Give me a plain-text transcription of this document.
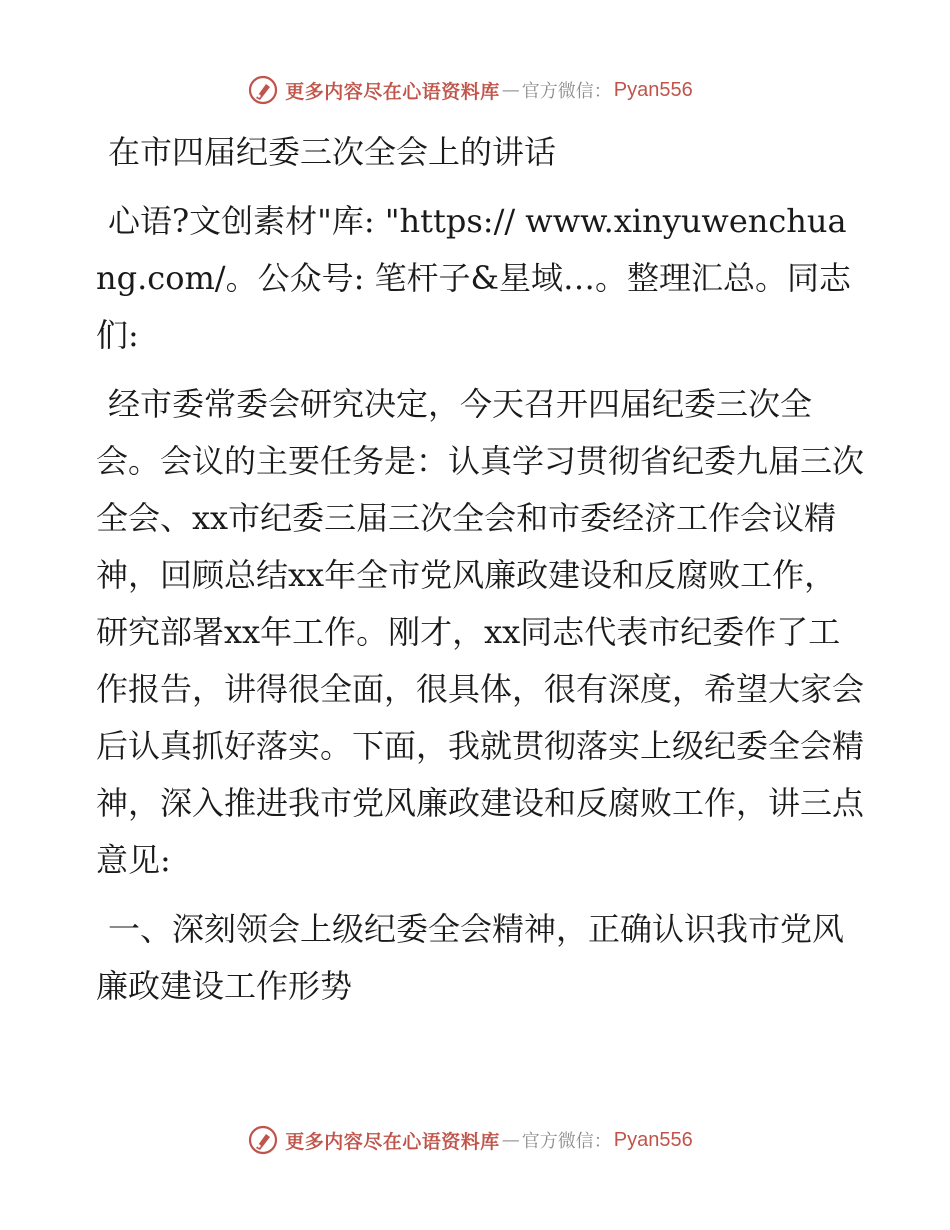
更多内容尽在心语资料库 — 官方微信： Pyan556

在市四届纪委三次全会上的讲话

心语?文创素材"库: "https:// www.xinyuwenchuang.com/。公众号: 笔杆子&星域…。整理汇总。同志们:

经市委常委会研究决定，今天召开四届纪委三次全会。会议的主要任务是：认真学习贯彻省纪委九届三次全会、xx市纪委三届三次全会和市委经济工作会议精神，回顾总结xx年全市党风廉政建设和反腐败工作，研究部署xx年工作。刚才，xx同志代表市纪委作了工作报告，讲得很全面，很具体，很有深度，希望大家会后认真抓好落实。下面，我就贯彻落实上级纪委全会精神，深入推进我市党风廉政建设和反腐败工作，讲三点意见:

一、深刻领会上级纪委全会精神，正确认识我市党风廉政建设工作形势

更多内容尽在心语资料库 — 官方微信： Pyan556
